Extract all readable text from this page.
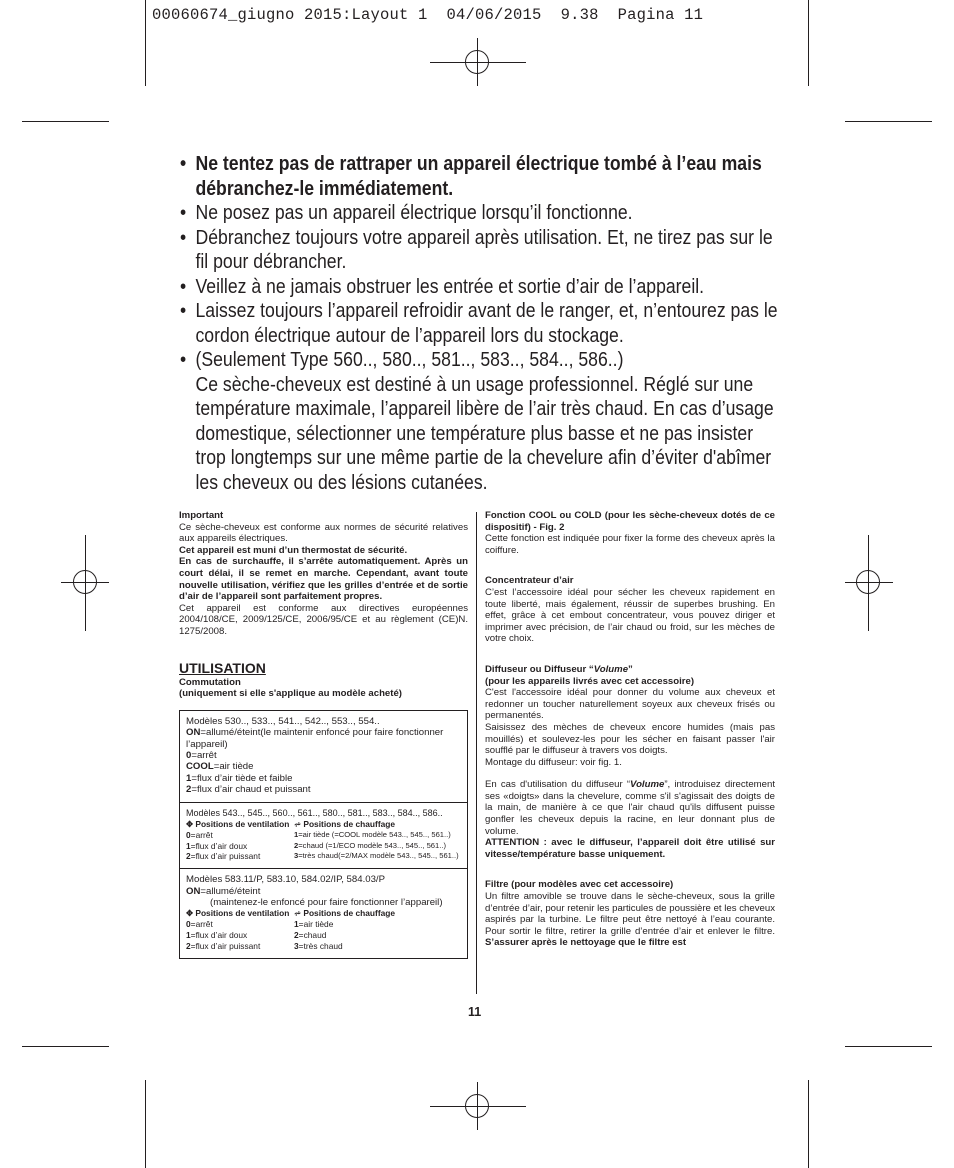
00060674_giugno 2015:Layout 1  04/06/2015  9.38  Pagina 11

• Ne tentez pas de rattraper un appareil électrique tombé à l’eau mais débranchez-le immédiatement.

• Ne posez pas un appareil électrique lorsqu’il fonctionne.

• Débranchez toujours votre appareil après utilisation. Et, ne tirez pas sur le fil pour débrancher.

• Veillez à ne jamais obstruer les entrée et sortie d’air de l’appareil.

• Laissez toujours l’appareil refroidir avant de le ranger, et, n’entourez pas le cordon électrique autour de l’appareil lors du stockage.

• (Seulement Type 560.., 580.., 581.., 583.., 584.., 586..)
Ce sèche-cheveux est destiné à un usage professionnel. Réglé sur une température maximale, l’appareil libère de l’air très chaud. En cas d’usage domestique, sélectionner une température plus basse et ne pas insister trop longtemps sur une même partie de la chevelure afin d’éviter d'abîmer les cheveux ou des lésions cutanées.

Important

Ce sèche-cheveux est conforme aux normes de sécurité relatives aux appareils électriques.

Cet appareil est muni d’un thermostat de sécurité.

En cas de surchauffe, il s’arrête automatiquement. Après un court délai, il se remet en marche. Cependant, avant toute nouvelle utilisation, vérifiez que les grilles d’entrée et de sortie d’air de l’appareil sont parfaitement propres.

Cet appareil est conforme aux directives européennes 2004/108/CE, 2009/125/CE, 2006/95/CE et au règlement (CE)N. 1275/2008.

UTILISATION

Commutation

(uniquement si elle s'applique au modèle acheté)

Modèles 530.., 533.., 541.., 542.., 553.., 554..
ON=allumé/éteint(le maintenir enfoncé pour faire fonctionner l’appareil)
0=arrêt
COOL=air tiède
1=flux d’air tiède et faible
2=flux d’air chaud et puissant
Modèles 543.., 545.., 560.., 561.., 580.., 581.., 583.., 584.., 586..
✥ Positions de ventilation
0=arrêt
1=flux d’air doux
2=flux d’air puissant
⩫ Positions de chauffage
1=air tiède (=COOL modèle 543.., 545.., 561..)
2=chaud (=1/ECO modèle 543.., 545.., 561..)
3=très chaud(=2/MAX modèle 543.., 545.., 561..)
Modèles 583.11/P, 583.10, 584.02/IP, 584.03/P
ON=allumé/éteint
(maintenez-le enfoncé pour faire fonctionner l’appareil)
✥ Positions de ventilation
0=arrêt
1=flux d’air doux
2=flux d’air puissant
⩫ Positions de chauffage
1=air tiède
2=chaud
3=très chaud

Fonction COOL ou COLD (pour les sèche-cheveux dotés de ce dispositif) - Fig. 2

Cette fonction est indiquée pour fixer la forme des cheveux après la coiffure.

Concentrateur d’air

C’est l’accessoire idéal pour sécher les cheveux rapidement en toute liberté, mais également, réussir de superbes brushing. En effet, grâce à cet embout concentrateur, vous pouvez diriger et imprimer avec précision, de l’air chaud ou froid, sur les mèches de votre choix.

Diffuseur ou Diffuseur “Volume”

(pour les appareils livrés avec cet accessoire)

C'est l'accessoire idéal pour donner du volume aux cheveux et redonner un toucher naturellement soyeux aux cheveux frisés ou permanentés.

Saisissez des mèches de cheveux encore humides (mais pas mouillés) et soulevez-les pour les sécher en faisant passer l'air soufflé par le diffuseur à travers vos doigts.

Montage du diffuseur: voir fig. 1.

En cas d'utilisation du diffuseur “Volume”, introduisez directement ses «doigts» dans la chevelure, comme s'il s'agissait des doigts de la main, de manière à ce que l'air chaud qu'ils diffusent puisse gonfler les cheveux depuis la racine, en leur donnant plus de volume.

ATTENTION : avec le diffuseur, l’appareil doit être utilisé sur vitesse/température basse uniquement.

Filtre (pour modèles avec cet accessoire)

Un filtre amovible se trouve dans le sèche-cheveux, sous la grille d’entrée d’air, pour retenir les particules de poussière et les cheveux aspirés par la turbine. Le filtre peut être nettoyé à l’eau courante. Pour sortir le filtre, retirer la grille d’entrée d’air et enlever le filtre. S’assurer après le nettoyage que le filtre est

11
